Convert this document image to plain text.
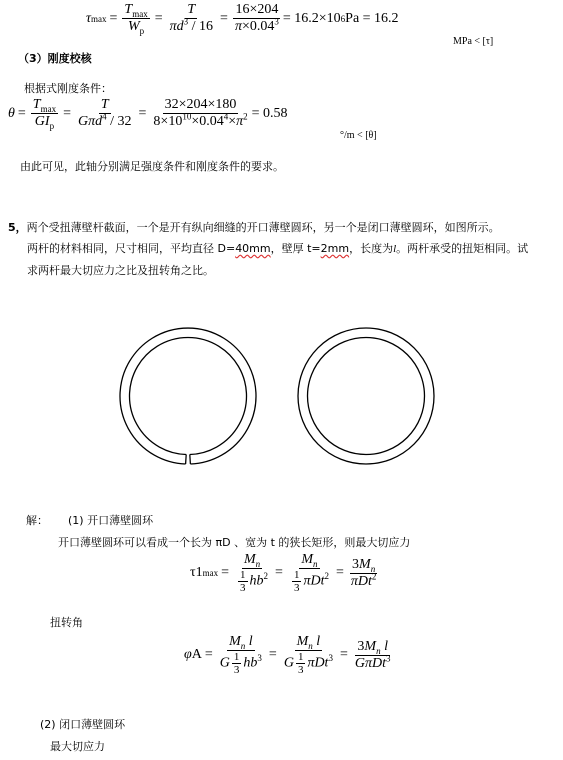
τ $\max = \frac{T_{max}}{W_p} = \frac{T}{\pi d^3 / 16} = \frac{16\times 204}{\pi\times 0.04^3} = 16.2\times 10$ 6 Pa = 16.2
MPa < [τ]
（3）刚度校核
根据式刚度条件：
$\theta = \frac{T_{max}}{GI_p} = \frac{T}{G\pi d^4 / 32} = \frac{32\times 204\times 180}{8\times 10^{10}\times 0.04^4\times\pi^2} = 0.58$
°/m < [θ]
由此可见，此轴分别满足强度条件和刚度条件的要求。
5，两个受扭薄壁杆截面，一个是开有纵向细缝的开口薄壁圆环，另一个是闭口薄壁圆环，如图所示。
两杆的材料相同，尺寸相同，平均直径 D=40mm，壁厚 t=2mm，长度为l。两杆承受的扭矩相同。试
求两杆最大切应力之比及扭转角之比。
解： (1) 开口薄壁圆环
开口薄壁圆环可以看成一个长为 πD 、宽为 t 的狭长矩形，则最大切应力
τ1 $\max = \frac{M_n}{\frac{1}{3} hb^2} = \frac{M_n}{\frac{1}{3} \pi Dt^2} = \frac{3M_n}{\pi Dt^2}$
扭转角
φ $A = \frac{M_n l}{G \frac{1}{3} hb^3} = \frac{M_n l}{G \frac{1}{3} \pi Dt^3} = \frac{3M_n l}{G\pi Dt^3}$
(2) 闭口薄壁圆环
最大切应力
